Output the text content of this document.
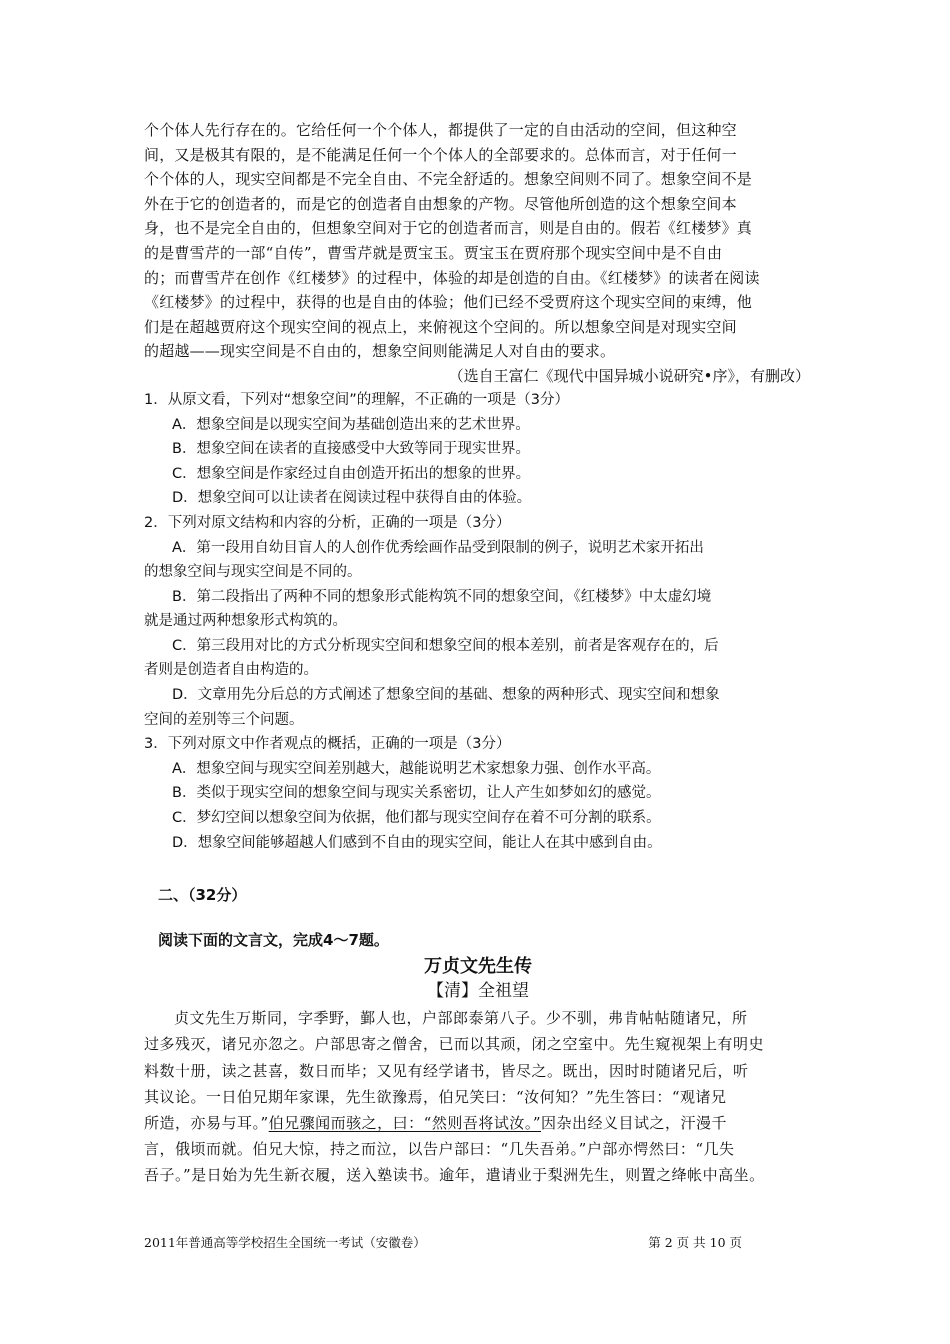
个个体人先行存在的。它给任何一个个体人，都提供了一定的自由活动的空间，但这种空
间，又是极其有限的，是不能满足任何一个个体人的全部要求的。总体而言，对于任何一
个个体的人，现实空间都是不完全自由、不完全舒适的。想象空间则不同了。想象空间不是
外在于它的创造者的，而是它的创造者自由想象的产物。尽管他所创造的这个想象空间本
身，也不是完全自由的，但想象空间对于它的创造者而言，则是自由的。假若《红楼梦》真
的是曹雪芹的一部“自传”，曹雪芹就是贾宝玉。贾宝玉在贾府那个现实空间中是不自由
的；而曹雪芹在创作《红楼梦》的过程中，体验的却是创造的自由。《红楼梦》的读者在阅读
《红楼梦》的过程中，获得的也是自由的体验；他们已经不受贾府这个现实空间的束缚，他
们是在超越贾府这个现实空间的视点上，来俯视这个空间的。所以想象空间是对现实空间
的超越——现实空间是不自由的，想象空间则能满足人对自由的要求。
（选自王富仁《现代中国异城小说研究•序》，有删改）
1．从原文看，下列对“想象空间”的理解，不正确的一项是（3分）
A．想象空间是以现实空间为基础创造出来的艺术世界。
B．想象空间在读者的直接感受中大致等同于现实世界。
C．想象空间是作家经过自由创造开拓出的想象的世界。
D．想象空间可以让读者在阅读过程中获得自由的体验。
2．下列对原文结构和内容的分析，正确的一项是（3分）
A．第一段用自幼目盲人的人创作优秀绘画作品受到限制的例子，说明艺术家开拓出
的想象空间与现实空间是不同的。
B．第二段指出了两种不同的想象形式能构筑不同的想象空间，《红楼梦》中太虚幻境
就是通过两种想象形式构筑的。
C．第三段用对比的方式分析现实空间和想象空间的根本差别，前者是客观存在的，后
者则是创造者自由构造的。
D．文章用先分后总的方式阐述了想象空间的基础、想象的两种形式、现实空间和想象
空间的差别等三个问题。
3．下列对原文中作者观点的概括，正确的一项是（3分）
A．想象空间与现实空间差别越大，越能说明艺术家想象力强、创作水平高。
B．类似于现实空间的想象空间与现实关系密切，让人产生如梦如幻的感觉。
C．梦幻空间以想象空间为依据，他们都与现实空间存在着不可分割的联系。
D．想象空间能够超越人们感到不自由的现实空间，能让人在其中感到自由。
二、（32分）
阅读下面的文言文，完成4～7题。
万贞文先生传
【清】全祖望
贞文先生万斯同，字季野，鄞人也，户部郎泰第八子。少不驯，弗肯帖帖随诸兄，所
过多残灭，诸兄亦忽之。户部思寄之僧舍，已而以其顽，闭之空室中。先生窥视架上有明史
料数十册，读之甚喜，数日而毕；又见有经学诸书，皆尽之。既出，因时时随诸兄后，听
其议论。一日伯兄期年家课，先生欲豫焉，伯兄笑曰：“汝何知？”先生答曰：“观诸兄
所造，亦易与耳。”伯兄骤闻而骇之，曰：“然则吾将试汝。”因杂出经义目试之，汗漫千
言，俄顷而就。伯兄大惊，持之而泣，以告户部曰：“几失吾弟。”户部亦愕然曰：“几失
吾子。”是日始为先生新衣履，送入塾读书。逾年，遣请业于梨洲先生，则置之绛帐中高坐。
2011年普通高等学校招生全国统一考试（安徽卷）	第 2 页 共 10 页
